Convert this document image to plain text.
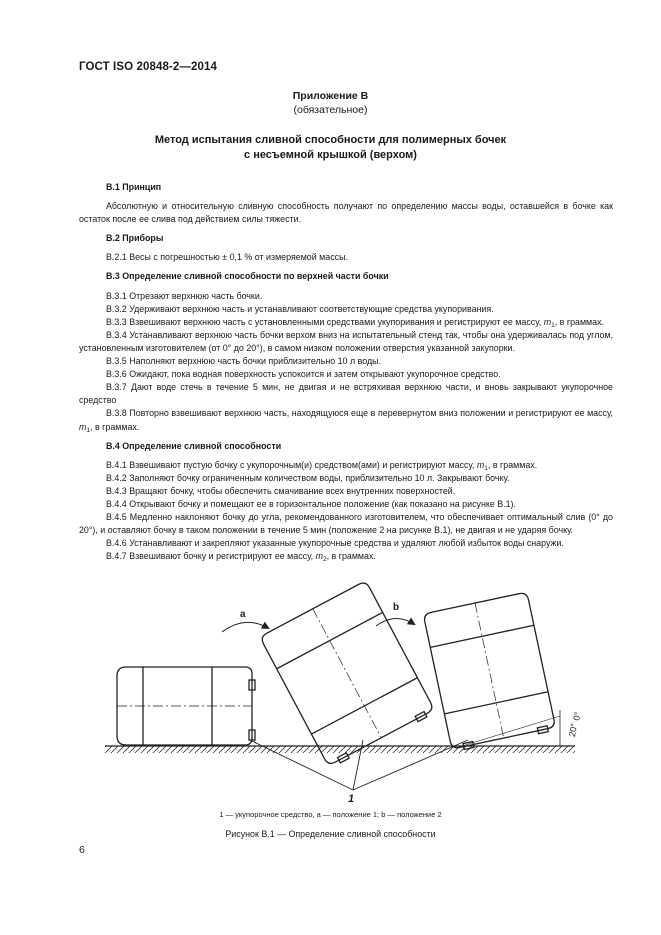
ГОСТ ISO 20848-2—2014
Приложение В
(обязательное)
Метод испытания сливной способности для полимерных бочек
с несъемной крышкой (верхом)
В.1 Принцип

Абсолютную и относительную сливную способность получают по определению массы воды, оставшейся в бочке как остаток после ее слива под действием силы тяжести.

В.2 Приборы

В.2.1 Весы с погрешностью ± 0,1 % от измеряемой массы.

В.3 Определение сливной способности по верхней части бочки

В.3.1 Отрезают верхнюю часть бочки.

В.3.2 Удерживают верхнюю часть и устанавливают соответствующие средства укупоривания.

В.3.3 Взвешивают верхнюю часть с установленными средствами укупоривания и регистрируют ее массу, $m_1$, в граммах.

В.3.4 Устанавливают верхнюю часть бочки верхом вниз на испытательный стенд так, чтобы она удерживалась под углом, установленным изготовителем (от 0° до 20°), в самом низком положении отверстия указанной закупорки.

В.3.5 Наполняют верхнюю часть бочки приблизительно 10 л воды.

В.3.6 Ожидают, пока водная поверхность успокоится и затем открывают укупорочное средство.

В.3.7 Дают воде стечь в течение 5 мин, не двигая и не встряхивая верхнюю части, и вновь закрывают укупорочное средство

В.3.8 Повторно взвешивают верхнюю часть, находящуюся еще в перевернутом вниз положении и регистрируют ее массу, $m_1$, в граммах.

В.4 Определение сливной способности

В.4.1 Взвешивают пустую бочку с укупорочным(и) средством(ами) и регистрируют массу, $m_1$, в граммах.

В.4.2 Заполняют бочку ограниченным количеством воды, приблизительно 10 л. Закрывают бочку.

В.4.3 Вращают бочку, чтобы обеспечить смачивание всех внутренних поверхностей.

В.4.4 Открывают бочку и помещают ее в горизонтальное положение (как показано на рисунке В.1).

В.4.5 Медленно наклоняют бочку до угла, рекомендованного изготовителем, что обеспечивает оптимальный слив (0° до 20°), и оставляют бочку в таком положении в течение 5 мин (положение 2 на рисунке В.1), не двигая и не ударяя бочку.

В.4.6 Устанавливают и закрепляют указанные укупорочные средства и удаляют любой избыток воды снаружи.

В.4.7 Взвешивают бочку и регистрируют ее массу, $m_2$, в граммах.

a
b
20°
0°
1
1 — укупорочное средство, a — положение 1; b — положение 2
Рисунок В.1 — Определение сливной способности
6
